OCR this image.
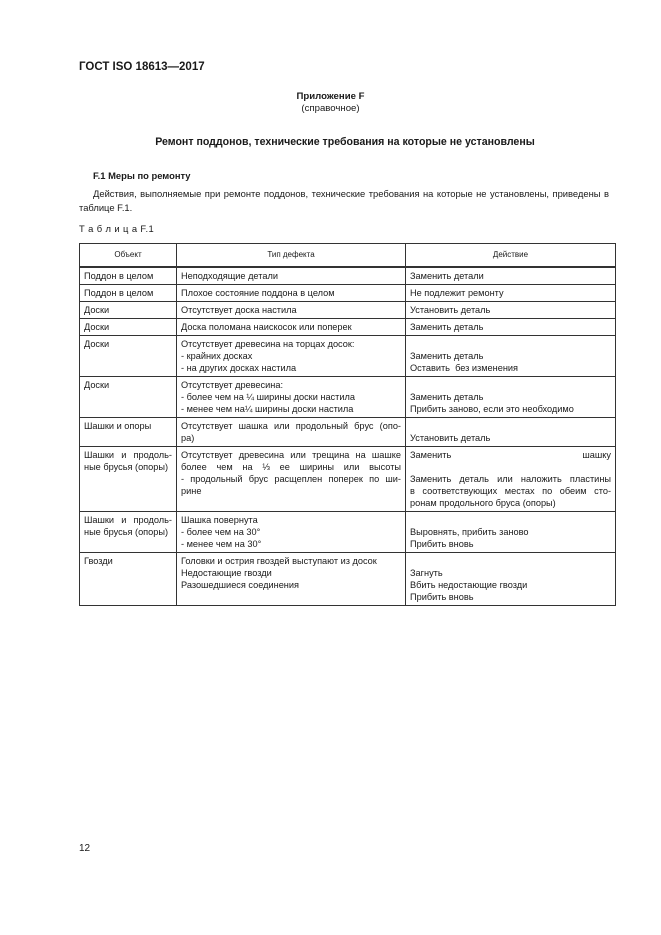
ГОСТ ISO 18613—2017
Приложение F
(справочное)
Ремонт поддонов, технические требования на которые не установлены
F.1 Меры по ремонту
Действия, выполняемые при ремонте поддонов, технические требования на которые не установлены, приведены в таблице F.1.
Т а б л и ц а F.1
Объект	Тип дефекта	Действие

Поддон в целом	Неподходящие детали	Заменить детали

Поддон в целом	Плохое состояние поддона в целом	Не подлежит ремонту

Доски	Отсутствует доска настила	Установить деталь

Доски	Доска поломана наискосок или поперек	Заменить деталь

Доски	Отсутствует древесина на торцах досок:
- крайних досках
- на других досках настила	Заменить деталь
Оставить  без изменения

Доски	Отсутствует древесина:
- более чем на ¼ ширины доски настила
- менее чем на¼ ширины доски настила	Заменить деталь
Прибить заново, если это необходимо

Шашки и опоры	Отсутствует шашка или продольный брус (опо-
ра)	Установить деталь

Шашки  и  продоль-
ные брусья (опоры)	Отсутствует древесина или трещина на шашке
более чем на ⅓ ее ширины или высоты
- продольный брус расщеплен поперек по ши-
рине	Заменить шашку
Заменить деталь или наложить пластины
в соответствующих местах по обеим сто-
ронам продольного бруса (опоры)

Шашки  и  продоль-
ные брусья (опоры)	Шашка повернута
- более чем на 30°
- менее чем на 30°	Выровнять, прибить заново
Прибить вновь

Гвозди	Головки и острия гвоздей выступают из досок
Недостающие гвозди
Разошедшиеся соединения	Загнуть
Вбить недостающие гвозди
Прибить вновь
12
